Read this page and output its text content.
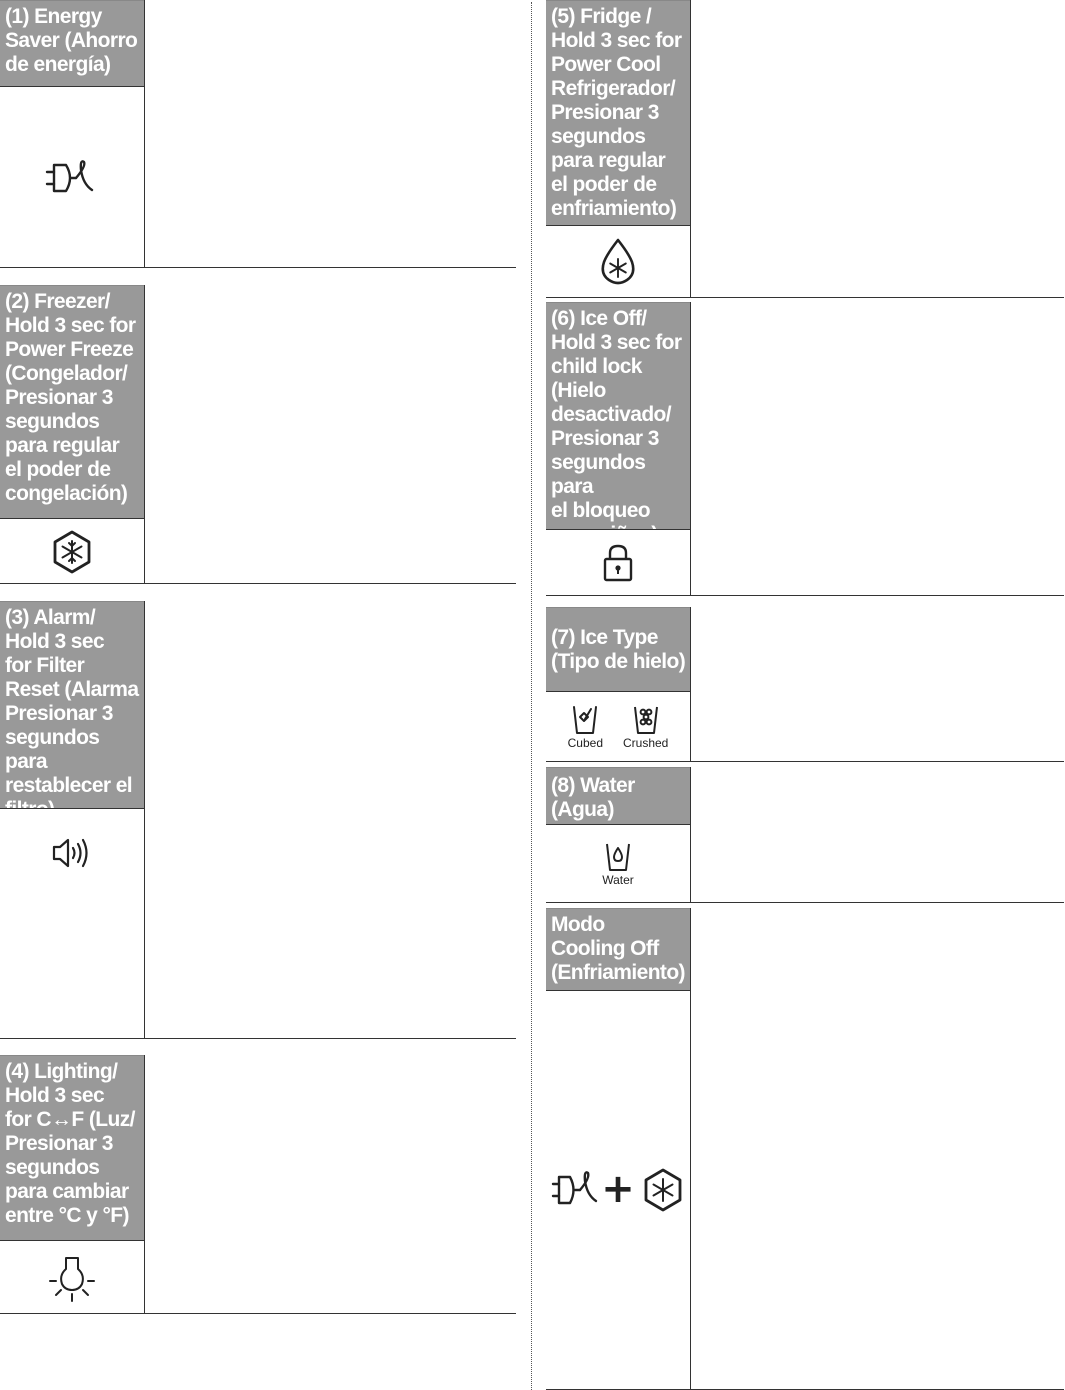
(1) Energy
Saver (Ahorro
de energía)
(2) Freezer/
Hold 3 sec for
Power Freeze
(Congelador/
Presionar 3
segundos
para regular
el poder de
congelación)
(3) Alarm/
Hold 3 sec
for Filter
Reset (Alarma
Presionar 3
segundos para
restablecer el
filtro)
(4) Lighting/
Hold 3 sec
for C↔F (Luz/
Presionar 3
segundos
para cambiar
entre °C y °F)
(5) Fridge /
Hold 3 sec for
Power Cool
Refrigerador/
Presionar 3
segundos
para regular
el poder de
enfriamiento)
(6) Ice Off/
Hold 3 sec for
child lock
(Hielo
desactivado/
Presionar 3
segundos para
el bloqueo
para niños)
(7) Ice Type
(Tipo de hielo)
Cubed Crushed
(8) Water
(Agua)
Water
Modo
Cooling Off
(Enfriamiento)
+
